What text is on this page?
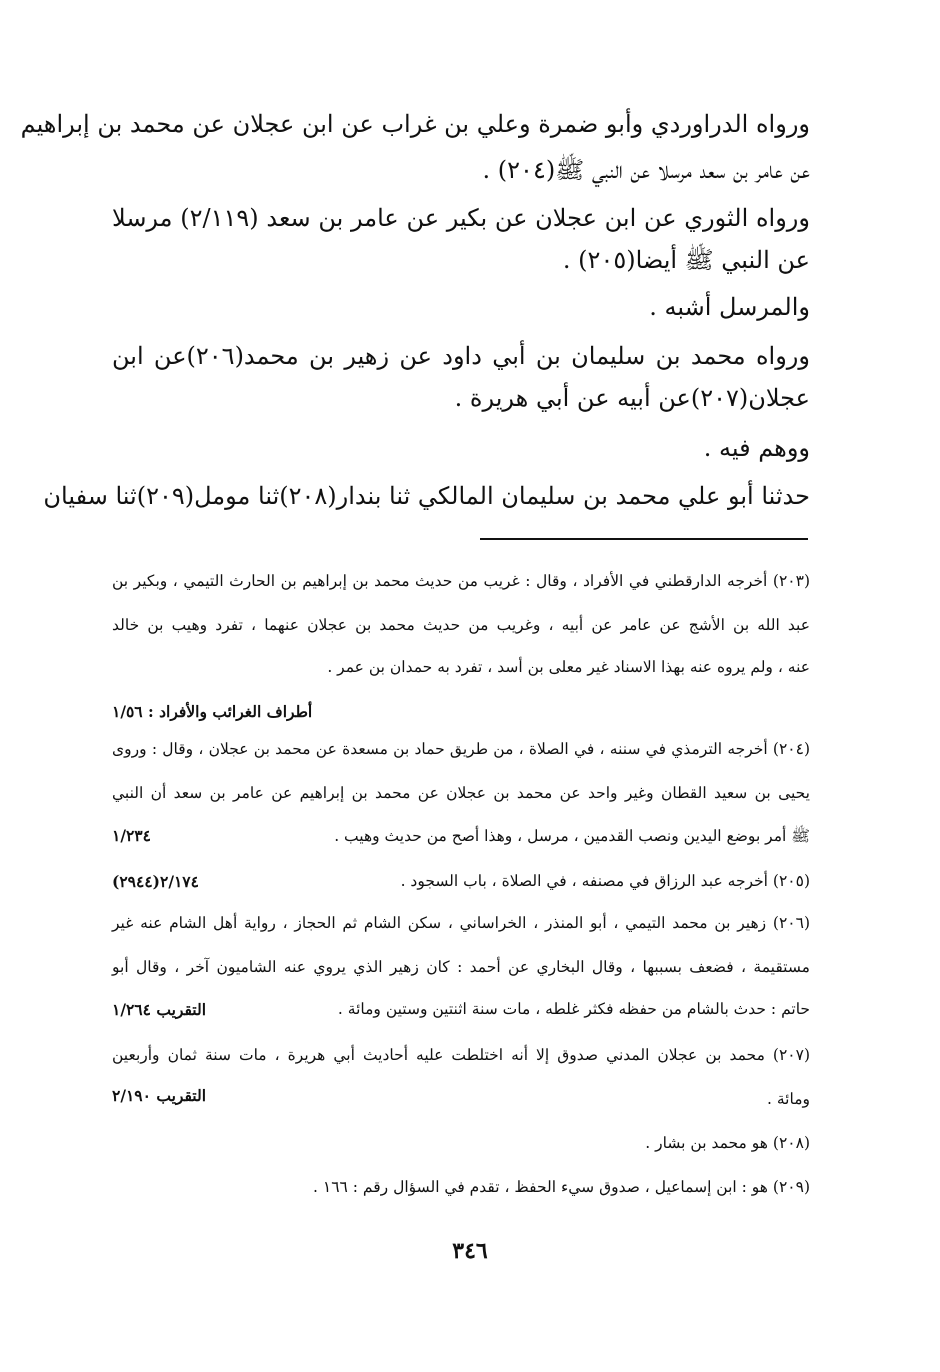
ورواه الدراوردي وأبو ضمرة وعلي بن غراب عن ابن عجلان عن محمد بن إبراهيم
عن عامر بن سعد مرسلا عن النبي ﷺ(٢٠٤) .
ورواه الثوري عن ابن عجلان عن بكير عن عامر بن سعد (٢/١١٩) مرسلا
عن النبي ﷺ أيضا(٢٠٥) .
والمرسل أشبه .
ورواه محمد بن سليمان بن أبي داود عن زهير بن محمد(٢٠٦)عن ابن
عجلان(٢٠٧)عن أبيه عن أبي هريرة .
ووهم فيه .
حدثنا أبو علي محمد بن سليمان المالكي ثنا بندار(٢٠٨)ثنا مومل(٢٠٩)ثنا سفيان
(٢٠٣) أخرجه الدارقطني في الأفراد ، وقال : غريب من حديث محمد بن إبراهيم بن الحارث التيمي ، وبكير بن
عبد الله بن الأشج عن عامر عن أبيه ، وغريب من حديث محمد بن عجلان عنهما ، تفرد وهيب بن خالد
عنه ، ولم يروه عنه بهذا الاسناد غير معلى بن أسد ، تفرد به حمدان بن عمر .
أطراف الغرائب والأفراد : ١/٥٦
(٢٠٤) أخرجه الترمذي في سننه ، في الصلاة ، من طريق حماد بن مسعدة عن محمد بن عجلان ، وقال : وروى
يحيى بن سعيد القطان وغير واحد عن محمد بن عجلان عن محمد بن إبراهيم عن عامر بن سعد أن النبي
ﷺ أمر بوضع اليدين ونصب القدمين ، مرسل ، وهذا أصح من حديث وهيب .
١/٢٣٤
(٢٠٥) أخرجه عبد الرزاق في مصنفه ، في الصلاة ، باب السجود .
٢/١٧٤(٢٩٤٤)
(٢٠٦) زهير بن محمد التيمي ، أبو المنذر ، الخراساني ، سكن الشام ثم الحجاز ، رواية أهل الشام عنه غير
مستقيمة ، فضعف بسببها ، وقال البخاري عن أحمد : كان زهير الذي يروي عنه الشاميون آخر ، وقال أبو
حاتم : حدث بالشام من حفظه فكثر غلطه ، مات سنة اثنتين وستين ومائة .
التقريب ١/٢٦٤
(٢٠٧) محمد بن عجلان المدني صدوق إلا أنه اختلطت عليه أحاديث أبي هريرة ، مات سنة ثمان وأربعين
ومائة .
التقريب ٢/١٩٠
(٢٠٨) هو محمد بن بشار .
(٢٠٩) هو : ابن إسماعيل ، صدوق سيء الحفظ ، تقدم في السؤال رقم : ١٦٦ .
٣٤٦
